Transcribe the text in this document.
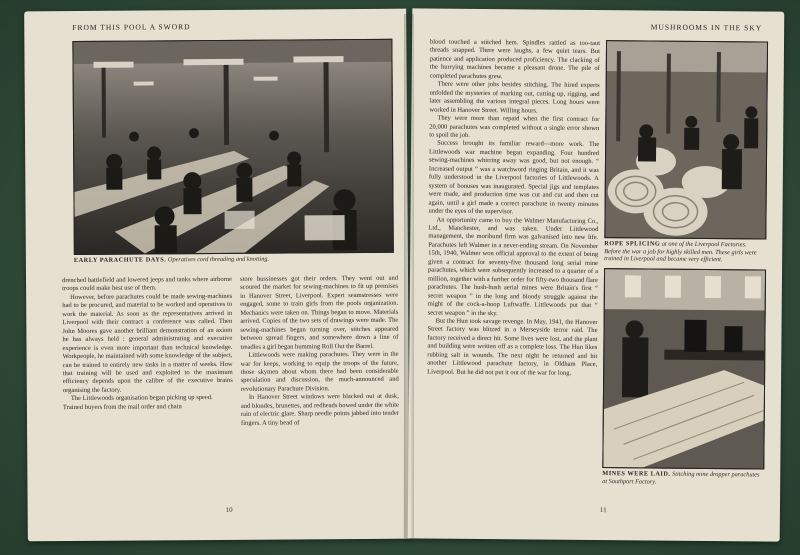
FROM THIS POOL A SWORD
EARLY PARACHUTE DAYS. Operatives cord threading and knotting.

drenched battlefield and lowered jeeps and tanks where airborne troops could make best use of them.

However, before parachutes could be made sewing-machines had to be procured, and material to be worked and operatives to work the material. As soon as the representatives arrived in Liverpool with their contract a conference was called. Then John Moores gave another brilliant demonstration of an axiom he has always held : general administrating and executive experience is even more important than technical knowledge. Workpeople, he maintained with some knowledge of the subject, can be trained to entirely new tasks in a matter of weeks. How that training will be used and exploited to the maximum efficiency depends upon the calibre of the executive brains organising the factory.

The Littlewoods organisation began picking up speed.

Trained buyers from the mail order and chain

store bussinesses got their orders. They went out and scoured the market for sewing-machines to fit up premises in Hanover Street, Liverpool. Expert seamstresses were engaged, some to train girls from the pools organization. Mechanics were taken on. Things began to move. Materials arrived. Copies of the two sets of drawings were made. The sewing-machines began turning over, stitches appeared between spread fingers, and somewhere down a line of treadles a girl began humming Roll Out the Barrel.

Littlewoods were making parachutes. They were in the war for keeps, working to equip the troops of the future, those skymen about whom there had been considerable speculation and discussion, the much-announced and revolutionary Parachute Division.

In Hanover Street windows were blacked out at dusk, and blondes, brunettes, and redheads bowed under the white rain of electric glare. Sharp needle points jabbed into tender fingers. A tiny bead of

10
MUSHROOMS IN THE SKY

blood touched a stitched hem. Spindles rattled as too-taut threads snapped. There were laughs, a few quiet tears. But patience and application produced proficiency. The clacking of the hurrying machines became a pleasant drone. The pile of completed parachutes grew.

There were other jobs besides stitching. The hired experts unfolded the mysteries of marking out, cutting up, rigging, and later assembling the various integral pieces. Long hours were worked in Hanover Street. Willing hours.

They were more than repaid when the first contract for 20,000 parachutes was completed without a single error shown to spoil the job.

Success brought its familiar reward—more work. The Littlewoods war machine began expanding. Four hundred sewing-machines whirring away was good, but not enough. “ Increased output ” was a watchword ringing Britain, and it was fully understood in the Liverpool factories of Littlewoods. A system of bonuses was inaugurated. Special jigs and templates were made, and production time was cut and cut and then cut again, until a girl made a correct parachute in twenty minutes under the eyes of the supervisor.

An opportunity came to buy the Walmer Manufacturing Co., Ltd., Manchester, and was taken. Under Littlewood management, the moribund firm was galvanised into new life. Parachutes left Walmer in a never-ending stream. On November 15th, 1940, Walmer won official approval to the extent of being given a contract for seventy-five thousand long serial mine parachutes, which were subsequently increased to a quarter of a million, together with a further order for fifty-two thousand flare parachutes. The hush-hush aerial mines were Britain's first “ secret weapon ” in the long and bloody struggle against the might of the cock-a-hoop Luftwaffe. Littlewoods put that “ secret weapon ” in the sky.

But the Hun took savage revenge. In May, 1941, the Hanover Street factory was blitzed in a Merseyside terror raid. The factory received a direct hit. Some lives were lost, and the plant and building were written off as a complete loss. The Hun likes rubbing salt in wounds. The next night he returned and hit another Littlewood parachute factory, in Oldham Place, Liverpool. But he did not put it out of the war for long.

ROPE SPLICING at one of the Liverpool Factories. Before the war a job for highly skilled men. These girls were trained in Liverpool and became very efficient.
MINES WERE LAID. Stitching mine dropper parachutes at Southport Factory.
11
